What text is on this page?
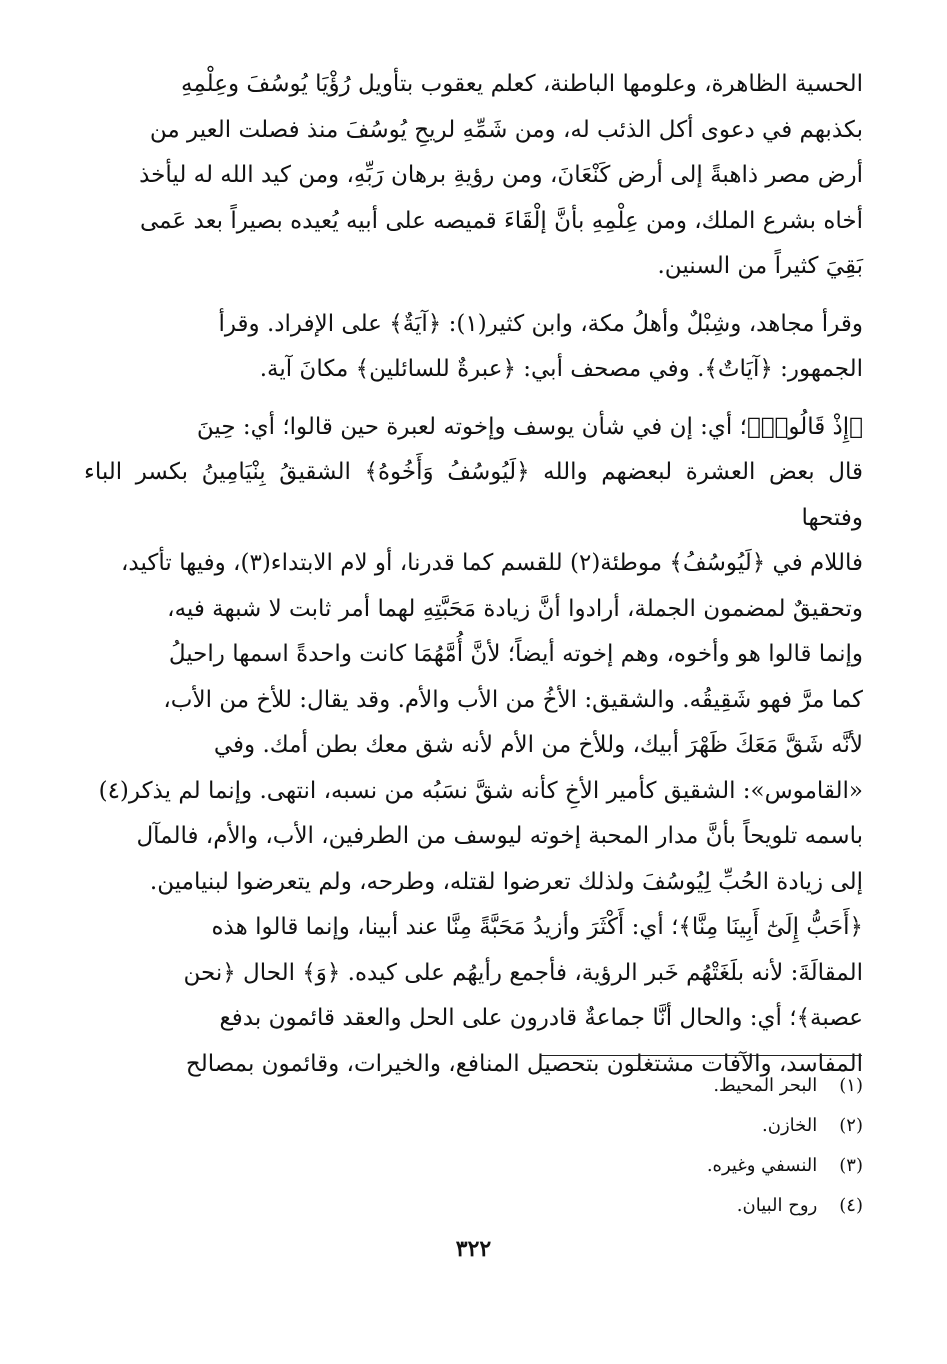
الحسية الظاهرة، وعلومها الباطنة، كعلم يعقوب بتأويل رُؤْيَا يُوسُفَ وعِلْمِهِ
بكذبهم في دعوى أكل الذئب له، ومن شَمِّهِ لريحِ يُوسُفَ منذ فصلت العير من
أرض مصر ذاهبةً إلى أرض كَنْعَانَ، ومن رؤيةِ برهان رَبِّهِ، ومن كيد الله له ليأخذ
أخاه بشرع الملك، ومن عِلْمِهِ بأنَّ إلْقَاءَ قميصه على أبيه يُعيده بصيراً بعد عَمى
بَقِيَ كثيراً من السنين.

وقرأ مجاهد، وشِبْلٌ وأهلُ مكة، وابن كثير(١): ﴿آيَةٌ﴾ على الإفراد. وقرأ
الجمهور: ﴿آيَاتٌ﴾. وفي مصحف أبي: ﴿عبرةٌ للسائلين﴾ مكانَ آية.

﴿إِذْ قَالُوا۟﴾؛ أي: إن في شأن يوسف وإخوته لعبرة حين قالوا؛ أي: حِينَ
قال بعض العشرة لبعضهم والله ﴿لَيُوسُفُ وَأَخُوهُ﴾ الشقيقُ بِنْيَامِينُ بكسر الباء وفتحها
فاللام في ﴿لَيُوسُفُ﴾ موطئة(٢) للقسم كما قدرنا، أو لام الابتداء(٣)، وفيها تأكيد،
وتحقيقٌ لمضمون الجملة، أرادوا أنَّ زيادة مَحَبَّتِهِ لهما أمر ثابت لا شبهة فيه،
وإنما قالوا هو وأخوه، وهم إخوته أيضاً؛ لأنَّ أُمَّهُمَا كانت واحدةً اسمها راحيلُ
كما مرَّ فهو شَقِيقُه. والشقيق: الأخُ من الأب والأم. وقد يقال: للأخ من الأب،
لأنَّه شَقَّ مَعَكَ ظَهْرَ أبيك، وللأخ من الأم لأنه شق معك بطن أمك. وفي
«القاموس»: الشقيق كأمير الأخِ كأنه شقَّ نسَبُه من نسبه، انتهى. وإنما لم يذكر(٤)
باسمه تلويحاً بأنَّ مدار المحبة إخوته ليوسف من الطرفين، الأب، والأم، فالمآل
إلى زيادة الحُبِّ لِيُوسُفَ ولذلك تعرضوا لقتله، وطرحه، ولم يتعرضوا لبنيامين.
﴿أَحَبُّ إِلَىٰٓ أَبِينَا مِنَّا﴾؛ أي: أَكْثَرَ وأزيدُ مَحَبَّةً مِنَّا عند أبينا، وإنما قالوا هذه
المقالَةَ: لأنه بلَغَتْهُم خَبر الرؤية، فأجمع رأيهُم على كيده. ﴿وَ﴾ الحال ﴿نحن
عصبة﴾؛ أي: والحال أنَّا جماعةٌ قادرون على الحل والعقد قائمون بدفع
المفاسد، والآفات مشتغلون بتحصيل المنافع، والخيرات، وقائمون بمصالح

(١) البحر المحيط.
(٢) الخازن.
(٣) النسفي وغيره.
(٤) روح البيان.
٣٢٢
